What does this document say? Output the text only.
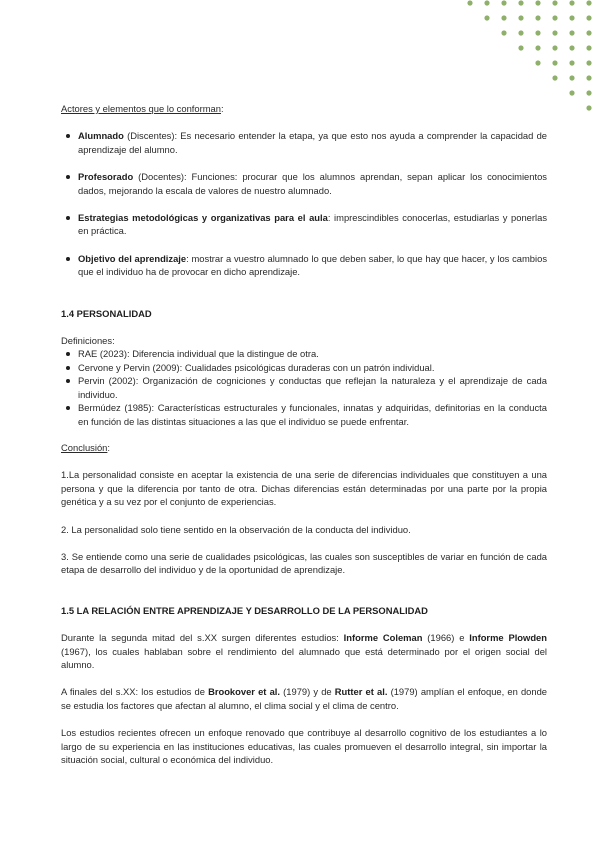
Actores y elementos que lo conforman:

Alumnado (Discentes): Es necesario entender la etapa, ya que esto nos ayuda a comprender la capacidad de aprendizaje del alumno.
Profesorado (Docentes): Funciones: procurar que los alumnos aprendan, sepan aplicar los conocimientos dados, mejorando la escala de valores de nuestro alumnado.
Estrategias metodológicas y organizativas para el aula: imprescindibles conocerlas, estudiarlas y ponerlas en práctica.
Objetivo del aprendizaje: mostrar a vuestro alumnado lo que deben saber, lo que hay que hacer, y los cambios que el individuo ha de provocar en dicho aprendizaje.

1.4 PERSONALIDAD

Definiciones:

RAE (2023): Diferencia individual que la distingue de otra.
Cervone y Pervin (2009): Cualidades psicológicas duraderas con un patrón individual.
Pervin (2002): Organización de cogniciones y conductas que reflejan la naturaleza y el aprendizaje de cada individuo.
Bermúdez (1985): Características estructurales y funcionales, innatas y adquiridas, definitorias en la conducta en función de las distintas situaciones a las que el individuo se puede enfrentar.

Conclusión:

1.La personalidad consiste en aceptar la existencia de una serie de diferencias individuales que constituyen a una persona y que la diferencia por tanto de otra. Dichas diferencias están determinadas por una parte por la propia genética y a su vez por el conjunto de experiencias.

2. La personalidad solo tiene sentido en la observación de la conducta del individuo.

3. Se entiende como una serie de cualidades psicológicas, las cuales son susceptibles de variar en función de cada etapa de desarrollo del individuo y de la oportunidad de aprendizaje.

1.5 LA RELACIÓN ENTRE APRENDIZAJE Y DESARROLLO DE LA PERSONALIDAD

Durante la segunda mitad del s.XX surgen diferentes estudios: Informe Coleman (1966) e Informe Plowden (1967), los cuales hablaban sobre el rendimiento del alumnado que está determinado por el origen social del alumno.

A finales del s.XX: los estudios de Brookover et al. (1979) y de Rutter et al. (1979) amplían el enfoque, en donde se estudia los factores que afectan al alumno, el clima social y el clima de centro.

Los estudios recientes ofrecen un enfoque renovado que contribuye al desarrollo cognitivo de los estudiantes a lo largo de su experiencia en las instituciones educativas, las cuales promueven el desarrollo integral, sin importar la situación social, cultural o económica del individuo.
